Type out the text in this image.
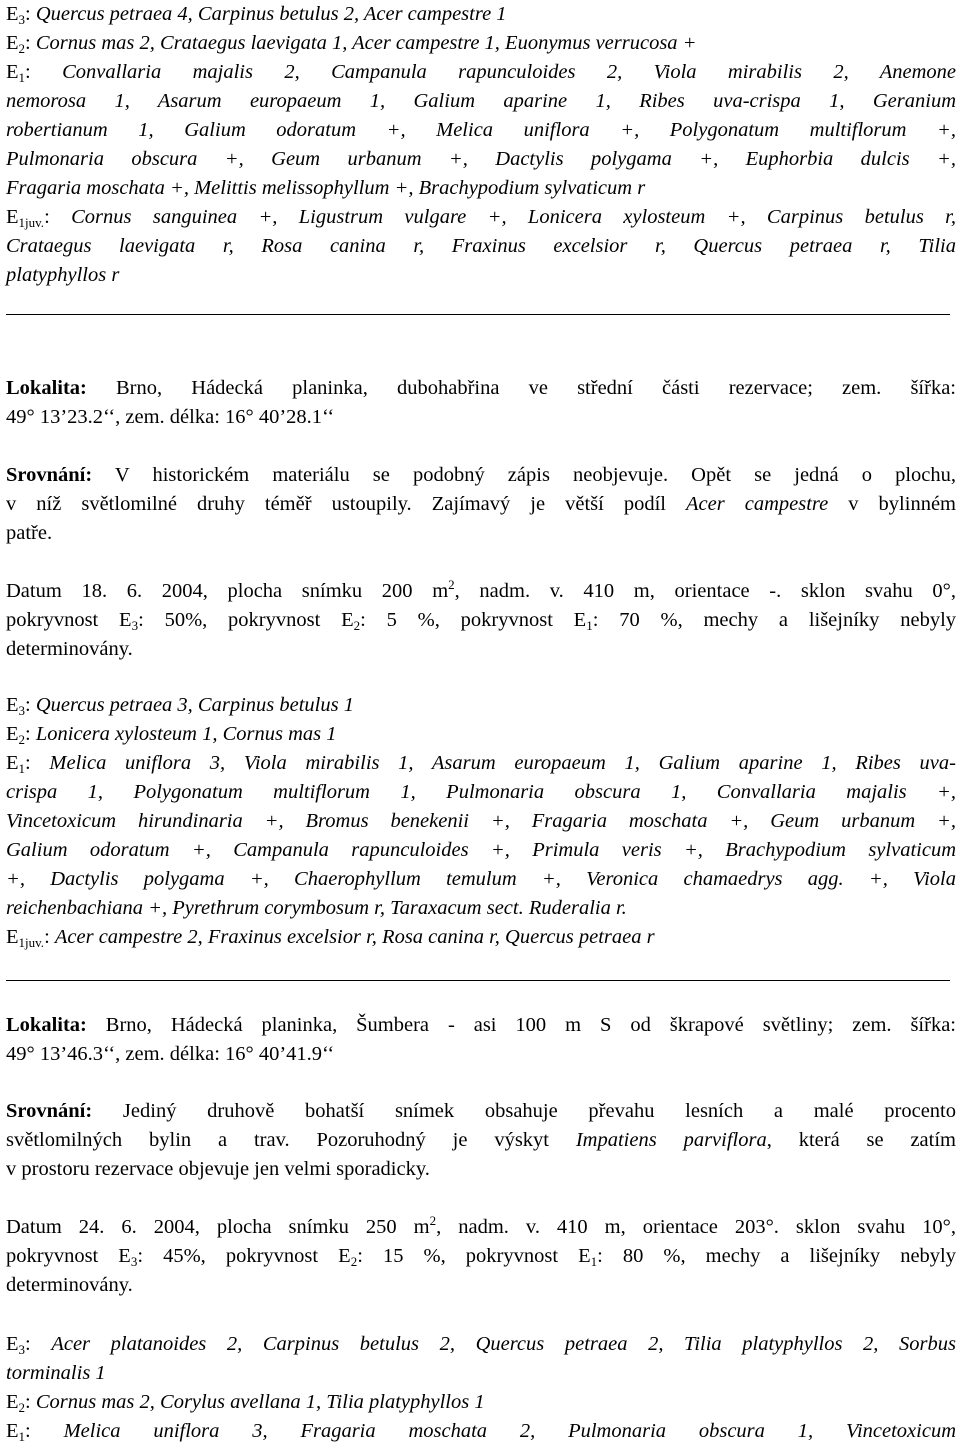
$E_3$: Quercus petraea 4, Carpinus betulus 2, Acer campestre 1
$E_2$: Cornus mas 2, Crataegus laevigata 1, Acer campestre 1, Euonymus verrucosa +
$E_1$: Convallaria majalis 2, Campanula rapunculoides 2, Viola mirabilis 2, Anemone
nemorosa 1, Asarum europaeum 1, Galium aparine 1, Ribes uva-crispa 1, Geranium
robertianum 1, Galium odoratum +, Melica uniflora +, Polygonatum multiflorum +,
Pulmonaria obscura +, Geum urbanum +, Dactylis polygama +, Euphorbia dulcis +,
Fragaria moschata +, Melittis melissophyllum +, Brachypodium sylvaticum r
$E_{1juv.}$: Cornus sanguinea +, Ligustrum vulgare +, Lonicera xylosteum +, Carpinus betulus r,
Crataegus laevigata r, Rosa canina r, Fraxinus excelsior r, Quercus petraea r, Tilia
platyphyllos r
Lokalita: Brno, Hádecká planinka, dubohabřina ve střední části rezervace; zem. šířka:
49° 13’23.2‘‘, zem. délka: 16° 40’28.1‘‘
Srovnání: V historickém materiálu se podobný zápis neobjevuje. Opět se jedná o plochu,
v níž světlomilné druhy téměř ustoupily. Zajímavý je větší podíl Acer campestre v bylinném
patře.
Datum 18. 6. 2004, plocha snímku 200 $m^2$, nadm. v. 410 m, orientace -. sklon svahu 0°,
pokryvnost $E_3$: 50%, pokryvnost $E_2$: 5 %, pokryvnost $E_1$: 70 %, mechy a lišejníky nebyly
determinovány.
$E_3$: Quercus petraea 3, Carpinus betulus 1
$E_2$: Lonicera xylosteum 1, Cornus mas 1
$E_1$: Melica uniflora 3, Viola mirabilis 1, Asarum europaeum 1, Galium aparine 1, Ribes uva-
crispa 1, Polygonatum multiflorum 1, Pulmonaria obscura 1, Convallaria majalis +,
Vincetoxicum hirundinaria +, Bromus benekenii +, Fragaria moschata +, Geum urbanum +,
Galium odoratum +, Campanula rapunculoides +, Primula veris +, Brachypodium sylvaticum
+, Dactylis polygama +, Chaerophyllum temulum +, Veronica chamaedrys agg. +, Viola
reichenbachiana +, Pyrethrum corymbosum r, Taraxacum sect. Ruderalia r.
$E_{1juv.}$: Acer campestre 2, Fraxinus excelsior r, Rosa canina r, Quercus petraea r
Lokalita: Brno, Hádecká planinka, Šumbera - asi 100 m S od škrapové světliny; zem. šířka:
49° 13’46.3‘‘, zem. délka: 16° 40’41.9‘‘
Srovnání: Jediný druhově bohatší snímek obsahuje převahu lesních a malé procento
světlomilných bylin a trav. Pozoruhodný je výskyt Impatiens parviflora, která se zatím
v prostoru rezervace objevuje jen velmi sporadicky.
Datum 24. 6. 2004, plocha snímku 250 $m^2$, nadm. v. 410 m, orientace 203°. sklon svahu 10°,
pokryvnost $E_3$: 45%, pokryvnost $E_2$: 15 %, pokryvnost $E_1$: 80 %, mechy a lišejníky nebyly
determinovány.
$E_3$: Acer platanoides 2, Carpinus betulus 2, Quercus petraea 2, Tilia platyphyllos 2, Sorbus
torminalis 1
$E_2$: Cornus mas 2, Corylus avellana 1, Tilia platyphyllos 1
$E_1$: Melica uniflora 3, Fragaria moschata 2, Pulmonaria obscura 1, Vincetoxicum
